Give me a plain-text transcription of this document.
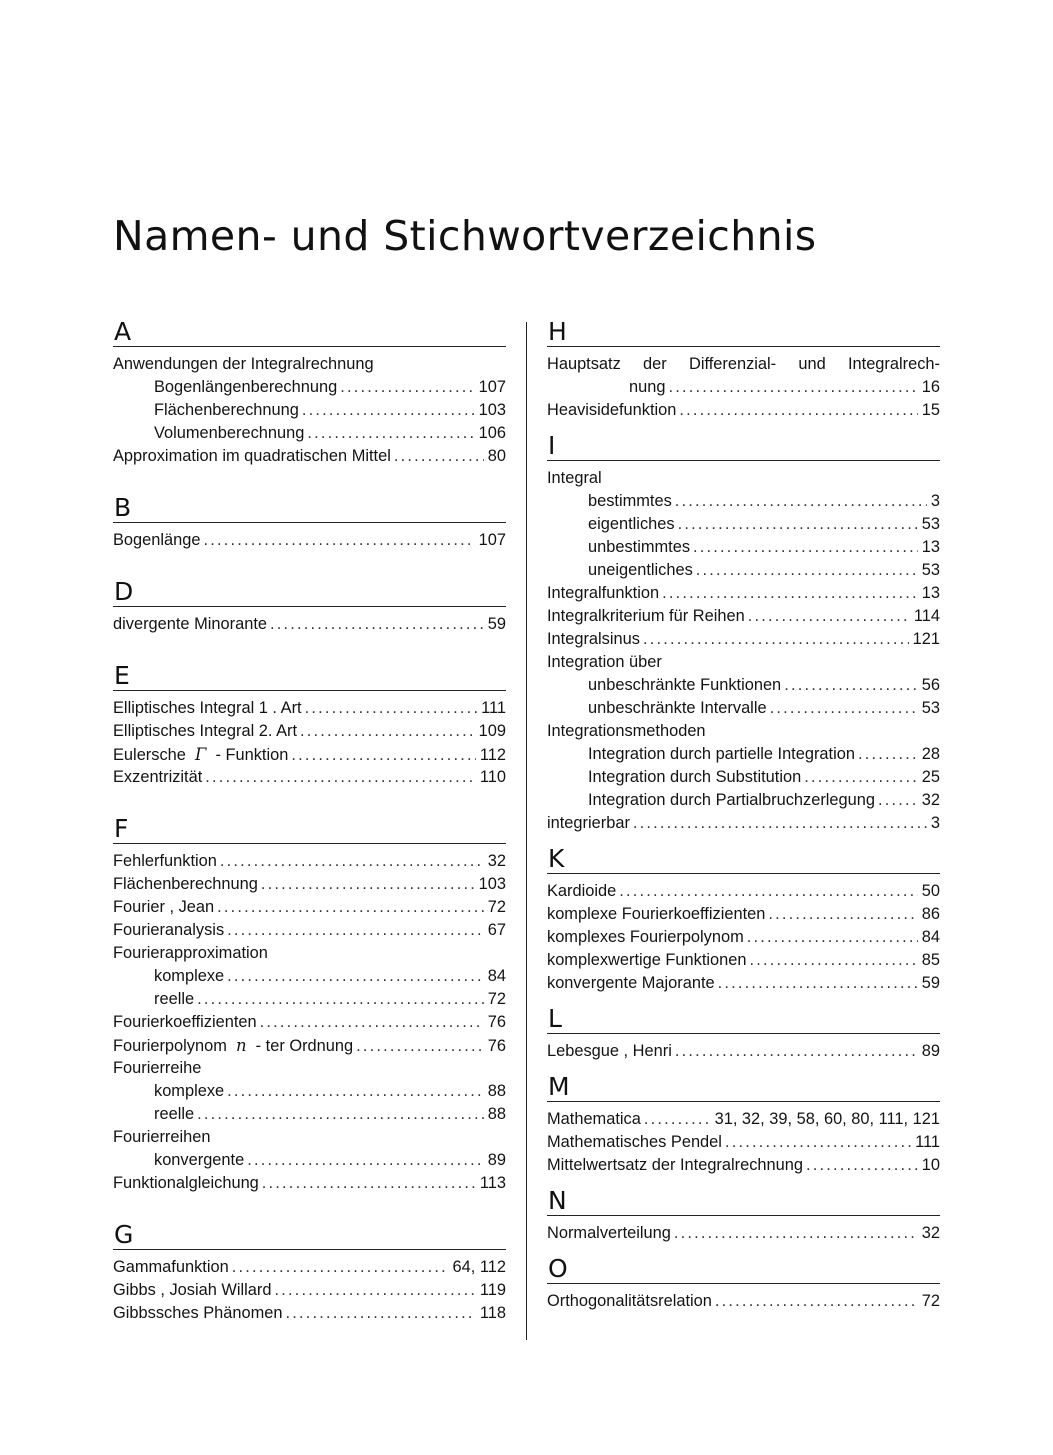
Namen- und Stichwortverzeichnis
A
Anwendungen der Integralrechnung
Bogenlängenberechnung .....	107
Flächenberechnung .....	103
Volumenberechnung .....	106
Approximation im quadratischen Mittel .....	80
B
Bogenlänge .....	107
D
divergente Minorante .....	59
E
Elliptisches Integral 1 . Art .....	111
Elliptisches Integral 2. Art .....	109
Eulersche Γ - Funktion .....	112
Exzentrizität .....	110
F
Fehlerfunktion .....	32
Flächenberechnung .....	103
Fourier , Jean .....	72
Fourieranalysis .....	67
Fourierapproximation
komplexe .....	84
reelle .....	72
Fourierkoeffizienten .....	76
Fourierpolynom n - ter Ordnung .....	76
Fourierreihe
komplexe .....	88
reelle .....	88
Fourierreihen
konvergente .....	89
Funktionalgleichung .....	113
G
Gammafunktion .....	64, 112
Gibbs , Josiah Willard .....	119
Gibbssches Phänomen .....	118
H
Hauptsatz der Differenzial- und Integralrech-
nung .....	16
Heavisidefunktion .....	15
I
Integral
bestimmtes .....	3
eigentliches .....	53
unbestimmtes .....	13
uneigentliches .....	53
Integralfunktion .....	13
Integralkriterium für Reihen .....	114
Integralsinus .....	121
Integration über
unbeschränkte Funktionen .....	56
unbeschränkte Intervalle .....	53
Integrationsmethoden
Integration durch partielle Integration .....	28
Integration durch Substitution .....	25
Integration durch Partialbruchzerlegung .....	32
integrierbar .....	3
K
Kardioide .....	50
komplexe Fourierkoeffizienten .....	86
komplexes Fourierpolynom .....	84
komplexwertige Funktionen .....	85
konvergente Majorante .....	59
L
Lebesgue , Henri .....	89
M
Mathematica .....	31, 32, 39, 58, 60, 80, 111, 121
Mathematisches Pendel .....	111
Mittelwertsatz der Integralrechnung .....	10
N
Normalverteilung .....	32
O
Orthogonalitätsrelation .....	72
